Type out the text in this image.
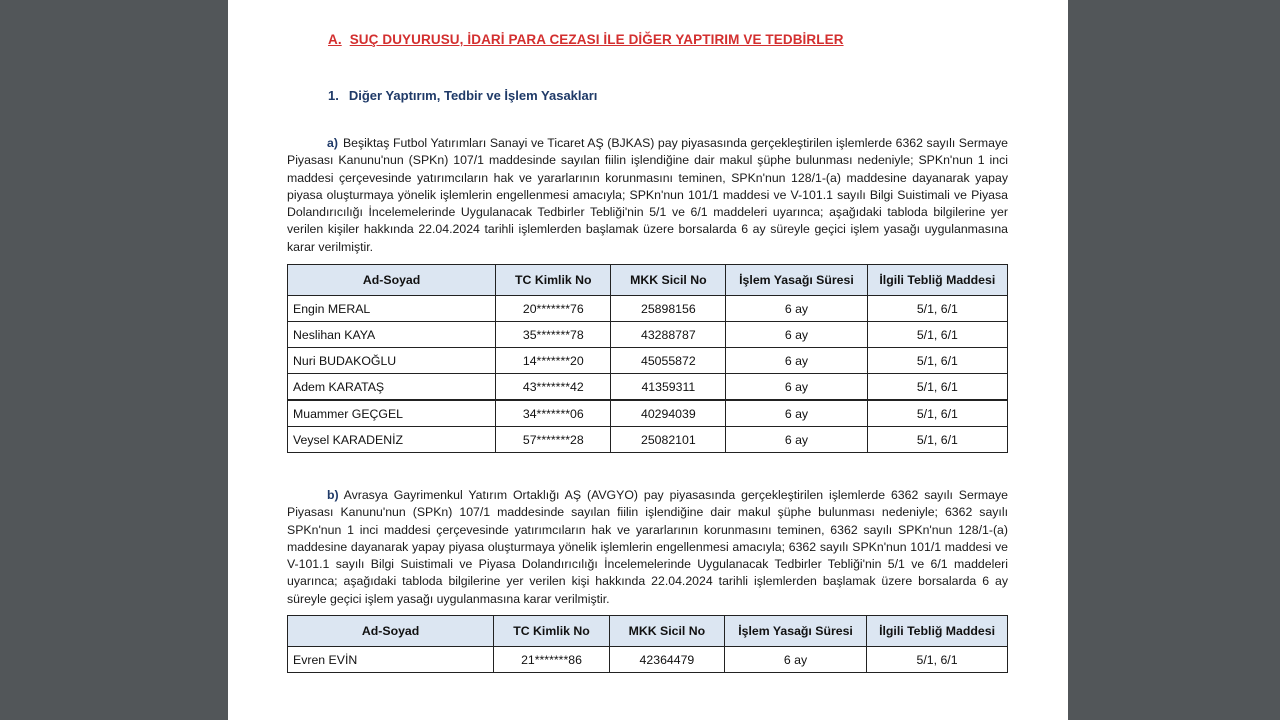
A. SUÇ DUYURUSU, İDARİ PARA CEZASI İLE DİĞER YAPTIRIM VE TEDBİRLER
1. Diğer Yaptırım, Tedbir ve İşlem Yasakları
a) Beşiktaş Futbol Yatırımları Sanayi ve Ticaret AŞ (BJKAS) pay piyasasında gerçekleştirilen işlemlerde 6362 sayılı Sermaye Piyasası Kanunu'nun (SPKn) 107/1 maddesinde sayılan fiilin işlendiğine dair makul şüphe bulunması nedeniyle; SPKn'nun 1 inci maddesi çerçevesinde yatırımcıların hak ve yararlarının korunmasını teminen, SPKn'nun 128/1-(a) maddesine dayanarak yapay piyasa oluşturmaya yönelik işlemlerin engellenmesi amacıyla; SPKn'nun 101/1 maddesi ve V-101.1 sayılı Bilgi Suistimali ve Piyasa Dolandırıcılığı İncelemelerinde Uygulanacak Tedbirler Tebliği'nin 5/1 ve 6/1 maddeleri uyarınca; aşağıdaki tabloda bilgilerine yer verilen kişiler hakkında 22.04.2024 tarihli işlemlerden başlamak üzere borsalarda 6 ay süreyle geçici işlem yasağı uygulanmasına karar verilmiştir.
Ad-Soyad	TC Kimlik No	MKK Sicil No	İşlem Yasağı Süresi	İlgili Tebliğ Maddesi
Engin MERAL	20*******76	25898156	6 ay	5/1, 6/1
Neslihan KAYA	35*******78	43288787	6 ay	5/1, 6/1
Nuri BUDAKOĞLU	14*******20	45055872	6 ay	5/1, 6/1
Adem KARATAŞ	43*******42	41359311	6 ay	5/1, 6/1
Muammer GEÇGEL	34*******06	40294039	6 ay	5/1, 6/1
Veysel KARADENİZ	57*******28	25082101	6 ay	5/1, 6/1
b) Avrasya Gayrimenkul Yatırım Ortaklığı AŞ (AVGYO) pay piyasasında gerçekleştirilen işlemlerde 6362 sayılı Sermaye Piyasası Kanunu'nun (SPKn) 107/1 maddesinde sayılan fiilin işlendiğine dair makul şüphe bulunması nedeniyle; 6362 sayılı SPKn'nun 1 inci maddesi çerçevesinde yatırımcıların hak ve yararlarının korunmasını teminen, 6362 sayılı SPKn'nun 128/1-(a) maddesine dayanarak yapay piyasa oluşturmaya yönelik işlemlerin engellenmesi amacıyla; 6362 sayılı SPKn'nun 101/1 maddesi ve V-101.1 sayılı Bilgi Suistimali ve Piyasa Dolandırıcılığı İncelemelerinde Uygulanacak Tedbirler Tebliği'nin 5/1 ve 6/1 maddeleri uyarınca; aşağıdaki tabloda bilgilerine yer verilen kişi hakkında 22.04.2024 tarihli işlemlerden başlamak üzere borsalarda 6 ay süreyle geçici işlem yasağı uygulanmasına karar verilmiştir.
Ad-Soyad	TC Kimlik No	MKK Sicil No	İşlem Yasağı Süresi	İlgili Tebliğ Maddesi
Evren EVİN	21*******86	42364479	6 ay	5/1, 6/1
